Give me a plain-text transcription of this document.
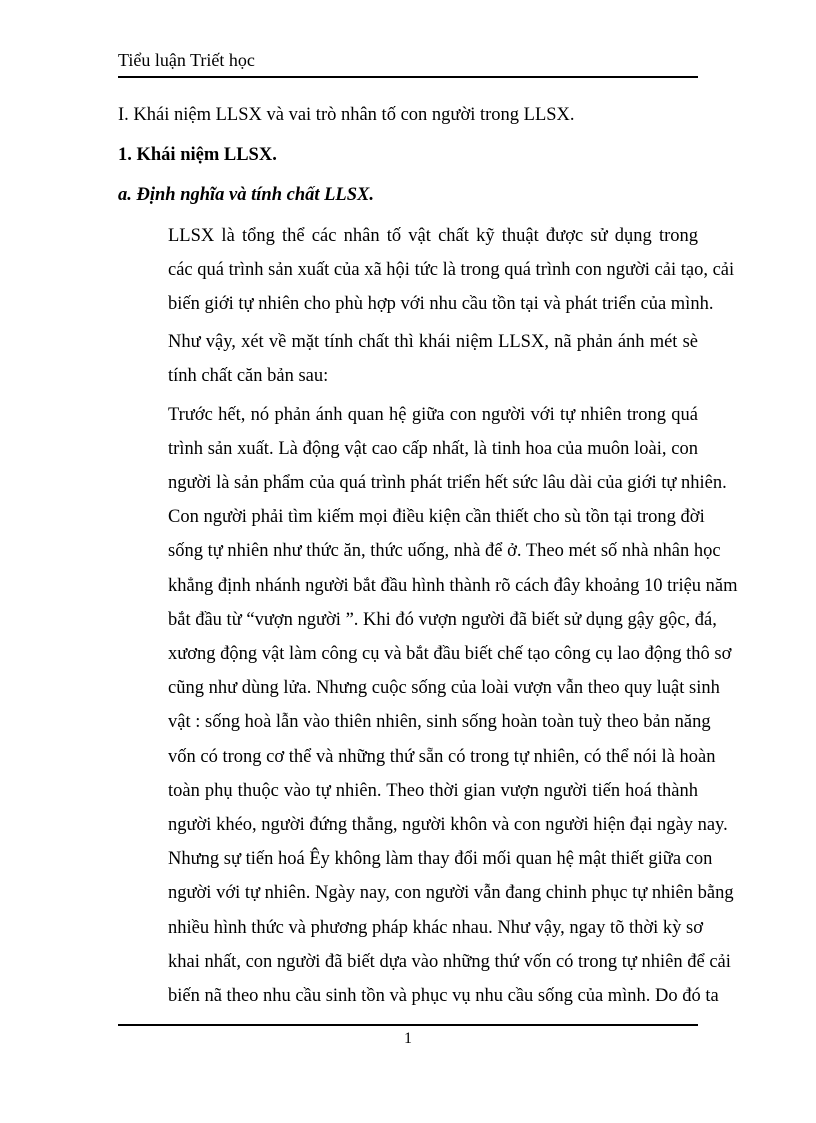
Tiểu luận Triết học

I. Khái niệm LLSX và vai trò nhân tố con người trong LLSX.

1. Khái niệm LLSX.

a. Định nghĩa và tính chất LLSX.

LLSX là tổng thể các nhân tố vật chất kỹ thuật được sử dụng trong
các quá trình sản xuất của xã hội tức là trong quá trình con người cải tạo, cải
biến giới tự nhiên cho phù hợp với nhu cầu tồn tại và phát triển của mình.

Như vậy, xét về mặt tính chất thì khái niệm LLSX, nã phản ánh mét sè
tính chất căn bản sau:

Trước hết, nó phản ánh quan hệ giữa con người với tự nhiên trong quá
trình sản xuất. Là động vật cao cấp nhất, là tinh hoa của muôn loài, con
người là sản phẩm của quá trình phát triển hết sức lâu dài của giới tự nhiên.
Con người phải tìm kiếm mọi điều kiện cần thiết cho sù tồn tại trong đời
sống tự nhiên như thức ăn, thức uống, nhà để ở. Theo mét số nhà nhân học
khẳng định nhánh người bắt đầu hình thành rõ cách đây khoảng 10 triệu năm
bắt đầu từ “vượn người ”. Khi đó vượn người đã biết sử dụng gậy gộc, đá,
xương động vật làm công cụ và bắt đầu biết chế tạo công cụ lao động thô sơ
cũng như dùng lửa. Nhưng cuộc sống của loài vượn vẫn theo quy luật sinh
vật : sống hoà lẫn vào thiên nhiên, sinh sống hoàn toàn tuỳ theo bản năng
vốn có trong cơ thể và những thứ sẵn có trong tự nhiên, có thể nói là hoàn
toàn phụ thuộc vào tự nhiên. Theo thời gian vượn người tiến hoá thành
người khéo, người đứng thẳng, người khôn và con người hiện đại ngày nay.
Nhưng sự tiến hoá Êy không làm thay đổi mối quan hệ mật thiết giữa con
người với tự nhiên. Ngày nay, con người vẫn đang chinh phục tự nhiên bằng
nhiều hình thức và phương pháp khác nhau. Như vậy, ngay tõ thời kỳ sơ
khai nhất, con người đã biết dựa vào những thứ vốn có trong tự nhiên để cải
biến nã theo nhu cầu sinh tồn và phục vụ nhu cầu sống của mình. Do đó ta

1
